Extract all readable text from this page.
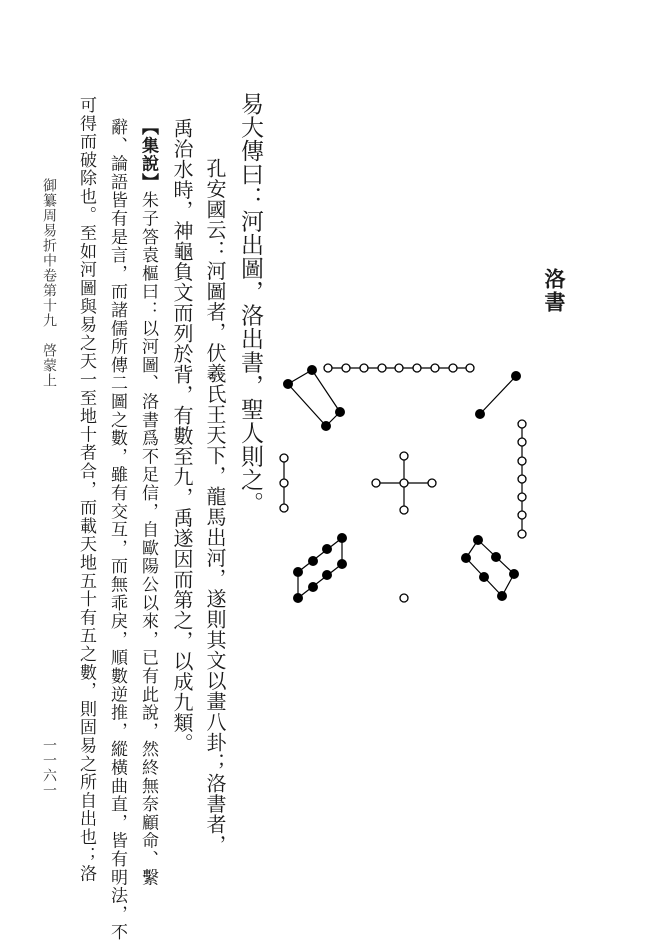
洛書
易大傳曰：河出圖，洛出書，聖人則之。
孔安國云：河圖者，伏羲氏王天下，龍馬出河，遂則其文以畫八卦；洛書者，
禹治水時，神龜負文而列於背，有數至九，禹遂因而第之，以成九類。
【集說】朱子答袁樞曰：以河圖、洛書爲不足信，自歐陽公以來，已有此說，然終無奈顧命、繫
辭、論語皆有是言，而諸儒所傳二圖之數，雖有交互，而無乖戾，順數逆推，縱橫曲直，皆有明法，不
可得而破除也。至如河圖與易之天一至地十者合，而載天地五十有五之數，則固易之所自出也；洛
御纂周易折中卷第十九　啓蒙上
一一六一
